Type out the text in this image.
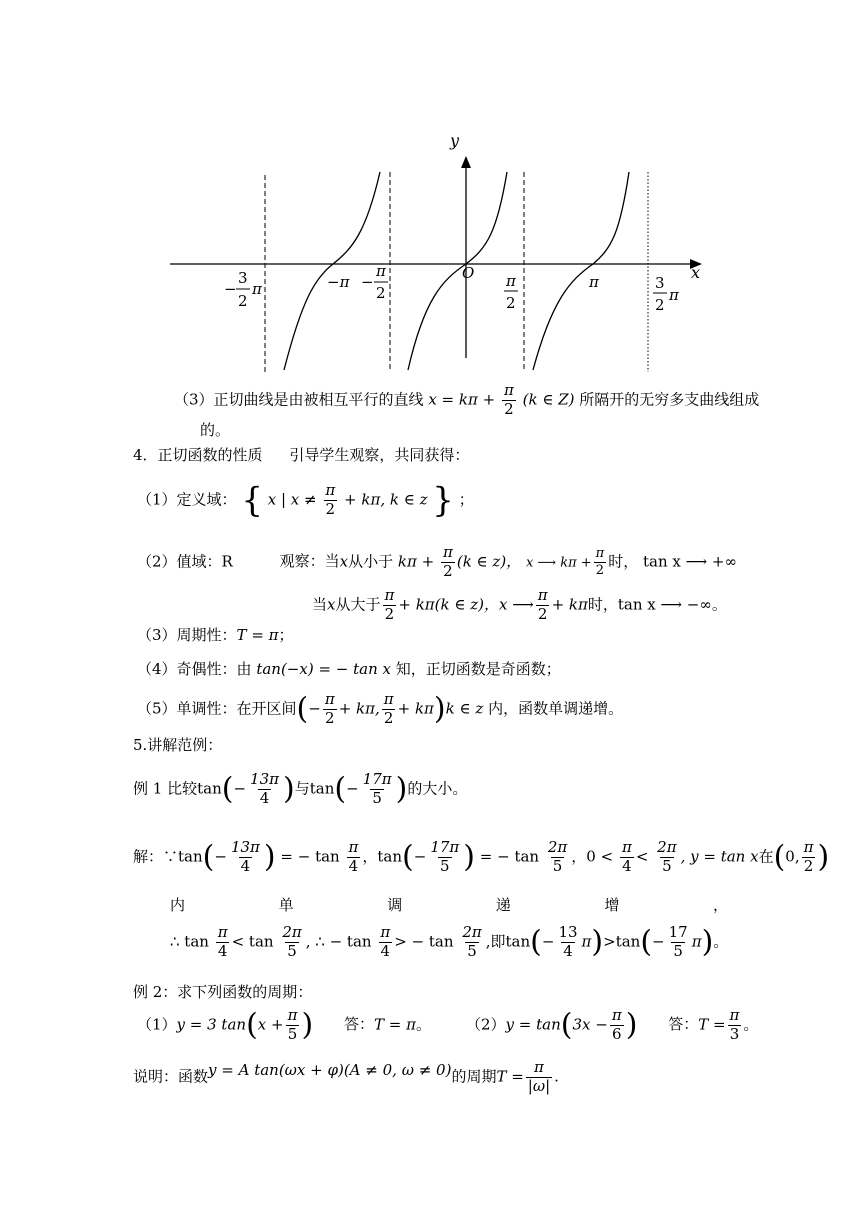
y
x
O
−
3
2
π	−π −
π
2
π
2
π	3
2
π
（3）正切曲线是由被相互平行的直线 $x = k\pi + \frac{\pi}{2} (k$ ∈ Z) 所隔开的无穷多支曲线组成
的。
4．正切函数的性质 引导学生观察，共同获得：
（1）定义域： { x | $x \ne \frac{\pi}{2} + k\pi$, k ∈ z } ；
（2）值域：R	观察：当x从小于 $k\pi + \frac{\pi}{2} (k$ ∈ z)， x ⟶ $k\pi + \frac{\pi}{2}$ 时， tan x ⟶ +∞
当x从大于 $\frac{\pi}{2} + k\pi(k$ ∈ z)，x ⟶ $\frac{\pi}{2} + k\pi$时，tan x ⟶ −∞。
（3）周期性：T = π；
（4）奇偶性：由 tan(−x) = − tan x 知，正切函数是奇函数；
（5）单调性：在开区间(− $\frac{\pi}{2} + k\pi$, $\frac{\pi}{2} + k\pi)k$ ∈ z 内，函数单调递增。
5.讲解范例：
例 1 比较$\tan(- \frac{13\pi}{4}$ )与$\tan(- \frac{17\pi}{5}$ )的大小。
解：∵tan(− $\frac{13\pi}{4}$ ) = − $\tan \frac{\pi}{4}$ ，$\tan(- \frac{17\pi}{5}$ ) = − $\tan \frac{2\pi}{5}$ ，$0 < \frac{\pi}{4} < \frac{2\pi}{5}$ , y = tan x在(0, $\frac{\pi}{2}$ )
内	单	调	递	增	，
∴ $\tan \frac{\pi}{4} < \tan \frac{2\pi}{5}$ , ∴ − $\tan \frac{\pi}{4}$ > − $\tan \frac{2\pi}{5}$ ,即$\tan(- \frac{13}{4} \pi)>\tan(- \frac{17}{5} \pi)$。
例 2：求下列函数的周期：
（1）y = 3 $\tan(x + \frac{\pi}{5}$ ) 答：T = π。 $(2)y = \tan(3x - \frac{\pi}{6}$ ) 答：$T = \frac{\pi}{3}$ 。
说明：函数y = A tan(ωx + φ)(A ≠ 0, ω ≠ 0)的周期$T = \frac{\pi}{|\omega|}$ .
